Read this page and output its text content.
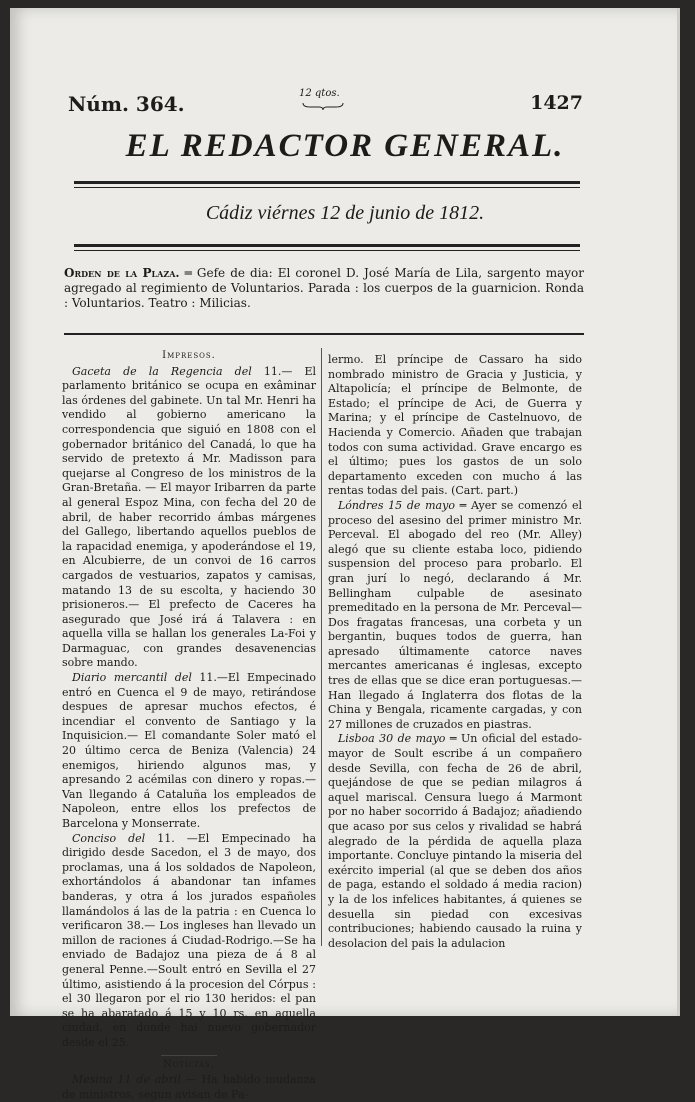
Núm. 364.	12 qtos.	1427
EL REDACTOR GENERAL.
Cádiz viérnes 12 de junio de 1812.
Orden de la Plaza. ═ Gefe de dia: El coronel D. José María de Lila, sargento mayor agregado al regimiento de Voluntarios. Parada : los cuerpos de la guarnicion. Ronda : Voluntarios. Teatro : Milicias.

Impresos.

Gaceta de la Regencia del 11.— El parlamento británico se ocupa en exâminar las órdenes del gabinete. Un tal Mr. Henri ha vendido al gobierno americano la correspondencia que siguió en 1808 con el gobernador británico del Canadá, lo que ha servido de pretexto á Mr. Madisson para quejarse al Congreso de los ministros de la Gran-Bretaña. — El mayor Iribarren da parte al general Espoz Mina, con fecha del 20 de abril, de haber recorrido ámbas márgenes del Gallego, libertando aquellos pueblos de la rapacidad enemiga, y apoderándose el 19, en Alcubierre, de un convoi de 16 carros cargados de vestuarios, zapatos y camisas, matando 13 de su escolta, y haciendo 30 prisioneros.— El prefecto de Caceres ha asegurado que José irá á Talavera : en aquella villa se hallan los generales La-Foi y Darmaguac, con grandes desavenencias sobre mando.

Diario mercantil del 11.—El Empecinado entró en Cuenca el 9 de mayo, retirándose despues de apresar muchos efectos, é incendiar el convento de Santiago y la Inquisicion.— El comandante Soler mató el 20 último cerca de Beniza (Valencia) 24 enemigos, hiriendo algunos mas, y apresando 2 acémilas con dinero y ropas.— Van llegando á Cataluña los empleados de Napoleon, entre ellos los prefectos de Barcelona y Monserrate.

Conciso del 11. —El Empecinado ha dirigido desde Sacedon, el 3 de mayo, dos proclamas, una á los soldados de Napoleon, exhortándolos á abandonar tan infames banderas, y otra á los jurados españoles llamándolos á las de la patria : en Cuenca lo verificaron 38.— Los ingleses han llevado un millon de raciones á Ciudad-Rodrigo.—Se ha enviado de Badajoz una pieza de á 8 al general Penne.—Soult entró en Sevilla el 27 último, asistiendo á la procesion del Córpus : el 30 llegaron por el rio 130 heridos: el pan se ha abaratado á 15 y 10 rs. en aquella ciudad, en donde hai nuevo gobernador desde el 25.

Noticias.

Mesina 11 de abril — Ha habido mudanza de ministros, segun avisan de Pa-

lermo. El príncipe de Cassaro ha sido nombrado ministro de Gracia y Justicia, y Altapolicía; el príncipe de Belmonte, de Estado; el príncipe de Aci, de Guerra y Marina; y el príncipe de Castelnuovo, de Hacienda y Comercio. Añaden que trabajan todos con suma actividad. Grave encargo es el último; pues los gastos de un solo departamento exceden con mucho á las rentas todas del pais. (Cart. part.)

Lóndres 15 de mayo ═ Ayer se comenzó el proceso del asesino del primer ministro Mr. Perceval. El abogado del reo (Mr. Alley) alegó que su cliente estaba loco, pidiendo suspension del proceso para probarlo. El gran jurí lo negó, declarando á Mr. Bellingham culpable de asesinato premeditado en la persona de Mr. Perceval— Dos fragatas francesas, una corbeta y un bergantin, buques todos de guerra, han apresado últimamente catorce naves mercantes americanas é inglesas, excepto tres de ellas que se dice eran portuguesas.— Han llegado á Inglaterra dos flotas de la China y Bengala, ricamente cargadas, y con 27 millones de cruzados en piastras.

Lisboa 30 de mayo ═ Un oficial del estado-mayor de Soult escribe á un compañero desde Sevilla, con fecha de 26 de abril, quejándose de que se pedian milagros á aquel mariscal. Censura luego á Marmont por no haber socorrido á Badajoz; añadiendo que acaso por sus celos y rivalidad se habrá alegrado de la pérdida de aquella plaza importante. Concluye pintando la miseria del exército imperial (al que se deben dos años de paga, estando el soldado á media racion) y la de los infelices habitantes, á quienes se desuella sin piedad con excesivas contribuciones; habiendo causado la ruina y desolacion del pais la adulacion
